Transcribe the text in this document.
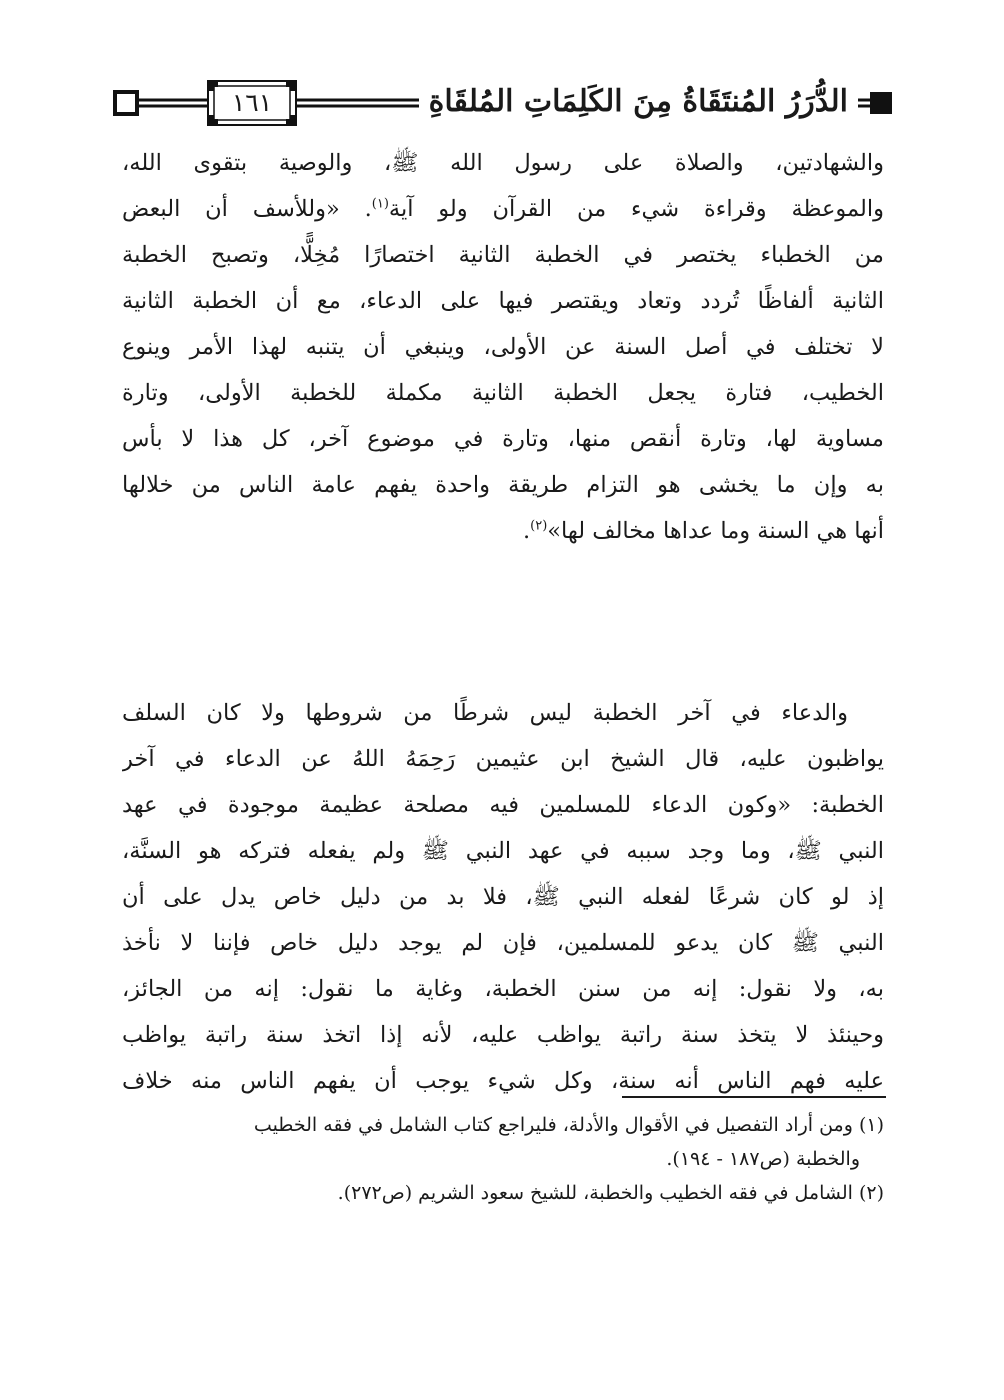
الدُّرَرُ المُنتَقَاةُ مِنَ الكَلِمَاتِ المُلقَاةِ
١٦١
والشهادتين، والصلاة على رسول الله ﷺ، والوصية بتقوى الله،
والموعظة وقراءة شيء من القرآن ولو آية$^{(١)}$. «وللأسف أن البعض
من الخطباء يختصر في الخطبة الثانية اختصارًا مُخِلًّا، وتصبح الخطبة
الثانية ألفاظًا تُردد وتعاد ويقتصر فيها على الدعاء، مع أن الخطبة الثانية
لا تختلف في أصل السنة عن الأولى، وينبغي أن يتنبه لهذا الأمر وينوع
الخطيب، فتارة يجعل الخطبة الثانية مكملة للخطبة الأولى، وتارة
مساوية لها، وتارة أنقص منها، وتارة في موضوع آخر، كل هذا لا بأس
به وإن ما يخشى هو التزام طريقة واحدة يفهم عامة الناس من خلالها
أنها هي السنة وما عداها مخالف لها»$^{(٢)}$.
والدعاء في آخر الخطبة ليس شرطًا من شروطها ولا كان السلف
يواظبون عليه، قال الشيخ ابن عثيمين رَحِمَهُ اللهُ عن الدعاء في آخر
الخطبة: «وكون الدعاء للمسلمين فيه مصلحة عظيمة موجودة في عهد
النبي ﷺ، وما وجد سببه في عهد النبي ﷺ ولم يفعله فتركه هو السنَّة،
إذ لو كان شرعًا لفعله النبي ﷺ، فلا بد من دليل خاص يدل على أن
النبي ﷺ كان يدعو للمسلمين، فإن لم يوجد دليل خاص فإننا لا نأخذ
به، ولا نقول: إنه من سنن الخطبة، وغاية ما نقول: إنه من الجائز،
وحينئذ لا يتخذ سنة راتبة يواظب عليه، لأنه إذا اتخذ سنة راتبة يواظب
عليه فهم الناس أنه سنة، وكل شيء يوجب أن يفهم الناس منه خلاف

(١) ومن أراد التفصيل في الأقوال والأدلة، فليراجع كتاب الشامل في فقه الخطيب
والخطبة (ص١٨٧ - ١٩٤).

(٢) الشامل في فقه الخطيب والخطبة، للشيخ سعود الشريم (ص٢٧٢).
